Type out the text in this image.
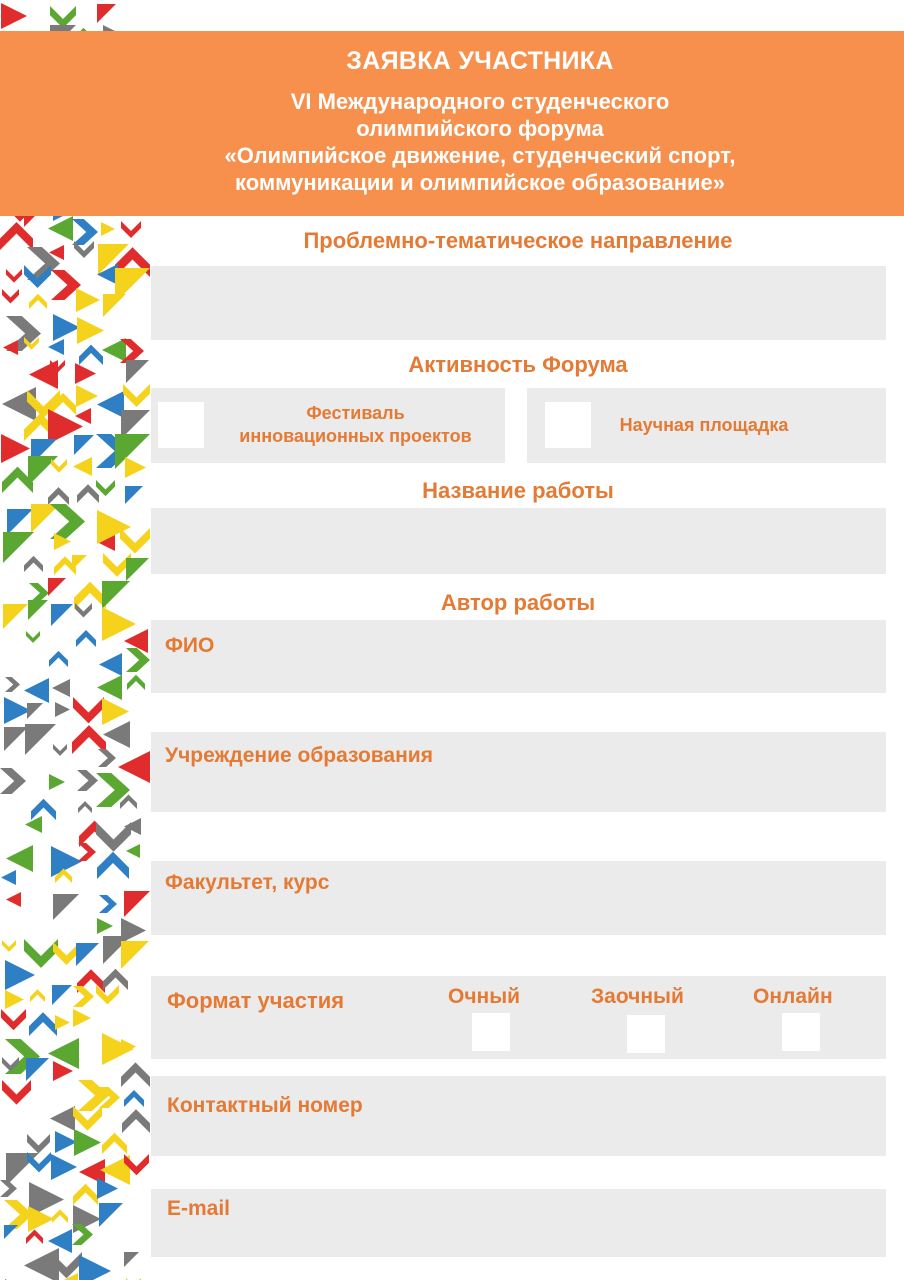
ЗАЯВКА УЧАСТНИКА
VI Международного студенческого
олимпийского форума
«Олимпийское движение, студенческий спорт,
коммуникации и олимпийское образование»
Проблемно-тематическое направление
Активность Форума
Фестиваль
инновационных проектов
Научная площадка
Название работы
Автор работы
ФИО
Учреждение образования
Факультет, курс
Формат участия	Очный	Заочный	Онлайн
Контактный номер
E-mail
